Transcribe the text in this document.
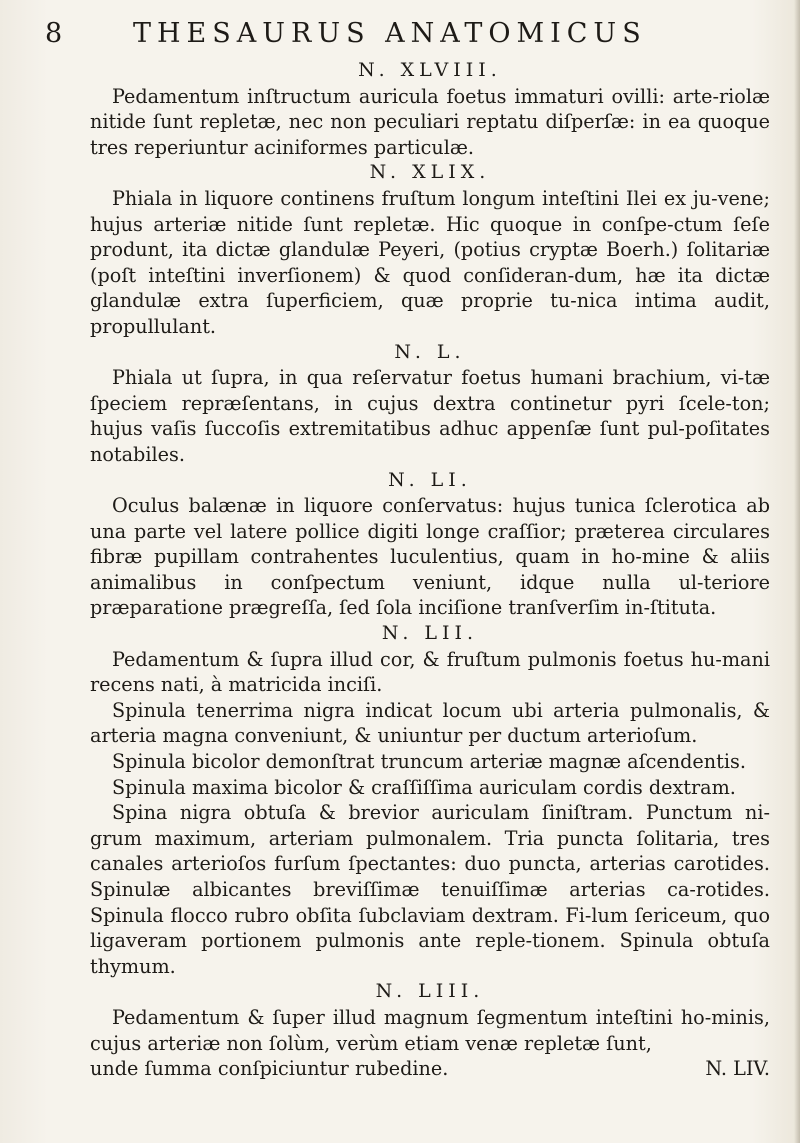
8	THESAURUS ANATOMICUS
N. XLVIII.

Pedamentum inſtructum auricula foetus immaturi ovilli: arte-riolæ nitide ſunt repletæ, nec non peculiari reptatu diſperſæ: in ea quoque tres reperiuntur aciniformes particulæ.

N. XLIX.

Phiala in liquore continens fruſtum longum inteſtini Ilei ex ju-vene; hujus arteriæ nitide ſunt repletæ. Hic quoque in conſpe-ctum ſeſe produnt, ita dictæ glandulæ Peyeri, (potius cryptæ Boerh.) ſolitariæ (poſt inteſtini inverſionem) & quod conſideran-dum, hæ ita dictæ glandulæ extra ſuperficiem, quæ proprie tu-nica intima audit, propullulant.

N. L.

Phiala ut ſupra, in qua reſervatur foetus humani brachium, vi-tæ ſpeciem repræſentans, in cujus dextra continetur pyri ſcele-ton; hujus vaſis ſuccoſis extremitatibus adhuc appenſæ ſunt pul-poſitates notabiles.

N. LI.

Oculus balænæ in liquore conſervatus: hujus tunica ſclerotica ab una parte vel latere pollice digiti longe craſſior; præterea circulares fibræ pupillam contrahentes luculentius, quam in ho-mine & aliis animalibus in conſpectum veniunt, idque nulla ul-teriore præparatione prægreſſa, ſed ſola inciſione tranſverſim in-ſtituta.

N. LII.

Pedamentum & ſupra illud cor, & fruſtum pulmonis foetus hu-mani recens nati, à matricida inciſi.

Spinula tenerrima nigra indicat locum ubi arteria pulmonalis, & arteria magna conveniunt, & uniuntur per ductum arterioſum.

Spinula bicolor demonſtrat truncum arteriæ magnæ aſcendentis.

Spinula maxima bicolor & craſſiſſima auriculam cordis dextram.

Spina nigra obtuſa & brevior auriculam ſiniſtram. Punctum ni-grum maximum, arteriam pulmonalem. Tria puncta ſolitaria, tres canales arterioſos furſum ſpectantes: duo puncta, arterias carotides. Spinulæ albicantes breviſſimæ tenuiſſimæ arterias ca-rotides. Spinula flocco rubro obſita ſubclaviam dextram. Fi-lum ſericeum, quo ligaveram portionem pulmonis ante reple-tionem. Spinula obtuſa thymum.

N. LIII.

Pedamentum & ſuper illud magnum ſegmentum inteſtini ho-minis, cujus arteriæ non ſolùm, verùm etiam venæ repletæ ſunt,

unde ſumma conſpiciuntur rubedine.	N. LIV.
